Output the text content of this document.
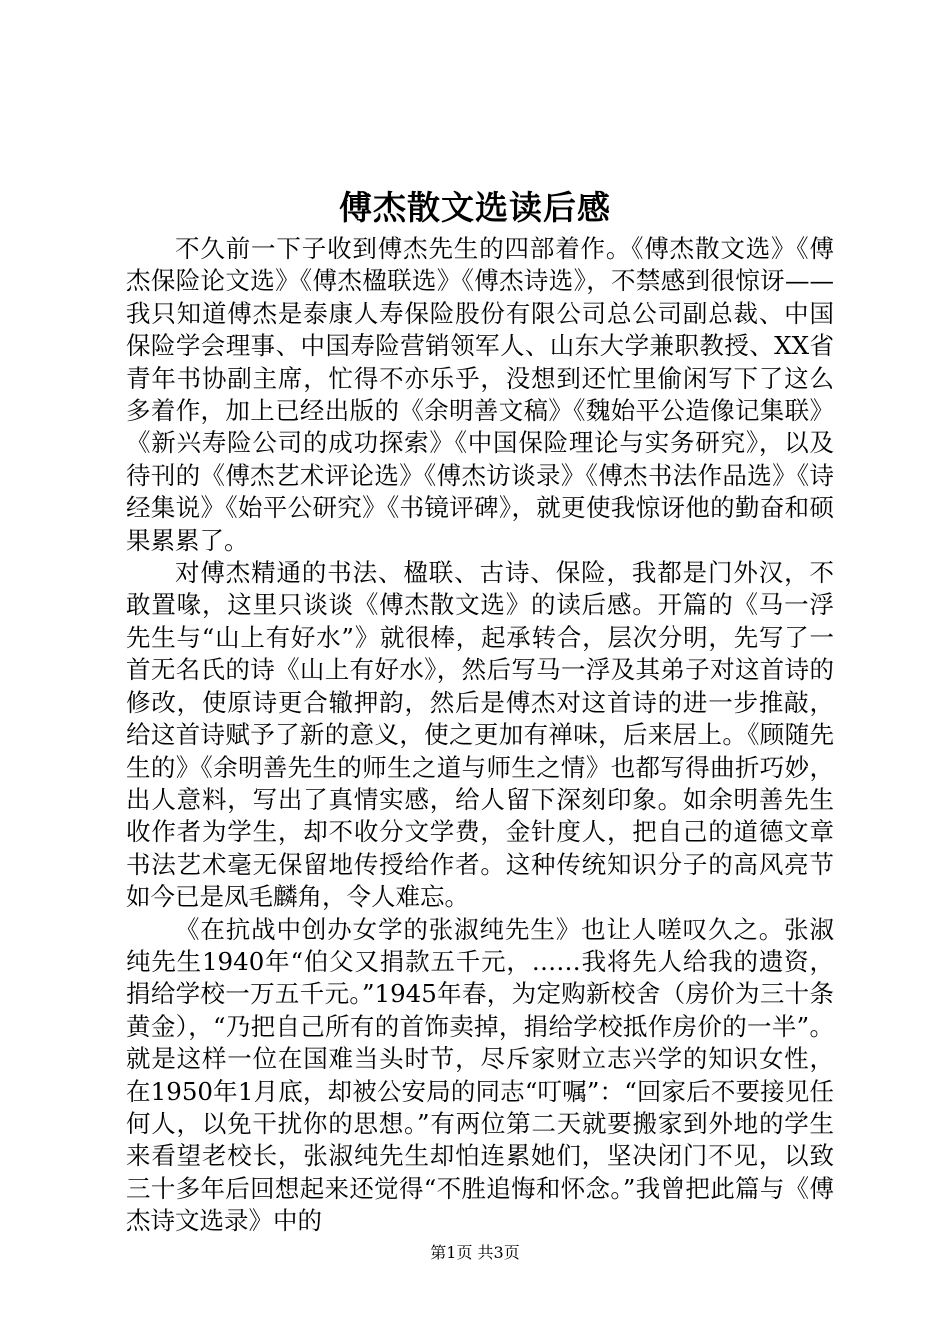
傅杰散文选读后感

不久前一下子收到傅杰先生的四部着作。《傅杰散文选》《傅杰保险论文选》《傅杰楹联选》《傅杰诗选》，不禁感到很惊讶——我只知道傅杰是泰康人寿保险股份有限公司总公司副总裁、中国保险学会理事、中国寿险营销领军人、山东大学兼职教授、XX省青年书协副主席，忙得不亦乐乎，没想到还忙里偷闲写下了这么多着作，加上已经出版的《余明善文稿》《魏始平公造像记集联》《新兴寿险公司的成功探索》《中国保险理论与实务研究》，以及待刊的《傅杰艺术评论选》《傅杰访谈录》《傅杰书法作品选》《诗经集说》《始平公研究》《书镜评碑》，就更使我惊讶他的勤奋和硕果累累了。

对傅杰精通的书法、楹联、古诗、保险，我都是门外汉，不敢置喙，这里只谈谈《傅杰散文选》的读后感。开篇的《马一浮先生与“山上有好水”》就很棒，起承转合，层次分明，先写了一首无名氏的诗《山上有好水》，然后写马一浮及其弟子对这首诗的修改，使原诗更合辙押韵，然后是傅杰对这首诗的进一步推敲，给这首诗赋予了新的意义，使之更加有禅味，后来居上。《顾随先生的》《余明善先生的师生之道与师生之情》也都写得曲折巧妙，出人意料，写出了真情实感，给人留下深刻印象。如余明善先生收作者为学生，却不收分文学费，金针度人，把自己的道德文章书法艺术毫无保留地传授给作者。这种传统知识分子的高风亮节如今已是凤毛麟角，令人难忘。

《在抗战中创办女学的张淑纯先生》也让人嗟叹久之。张淑纯先生1940年“伯父又捐款五千元，……我将先人给我的遗资，捐给学校一万五千元。”1945年春，为定购新校舍（房价为三十条黄金），“乃把自己所有的首饰卖掉，捐给学校抵作房价的一半”。就是这样一位在国难当头时节，尽斥家财立志兴学的知识女性，在1950年1月底，却被公安局的同志“叮嘱”：“回家后不要接见任何人，以免干扰你的思想。”有两位第二天就要搬家到外地的学生来看望老校长，张淑纯先生却怕连累她们，坚决闭门不见，以致三十多年后回想起来还觉得“不胜追悔和怀念。”我曾把此篇与《傅杰诗文选录》中的

第1页 共3页
